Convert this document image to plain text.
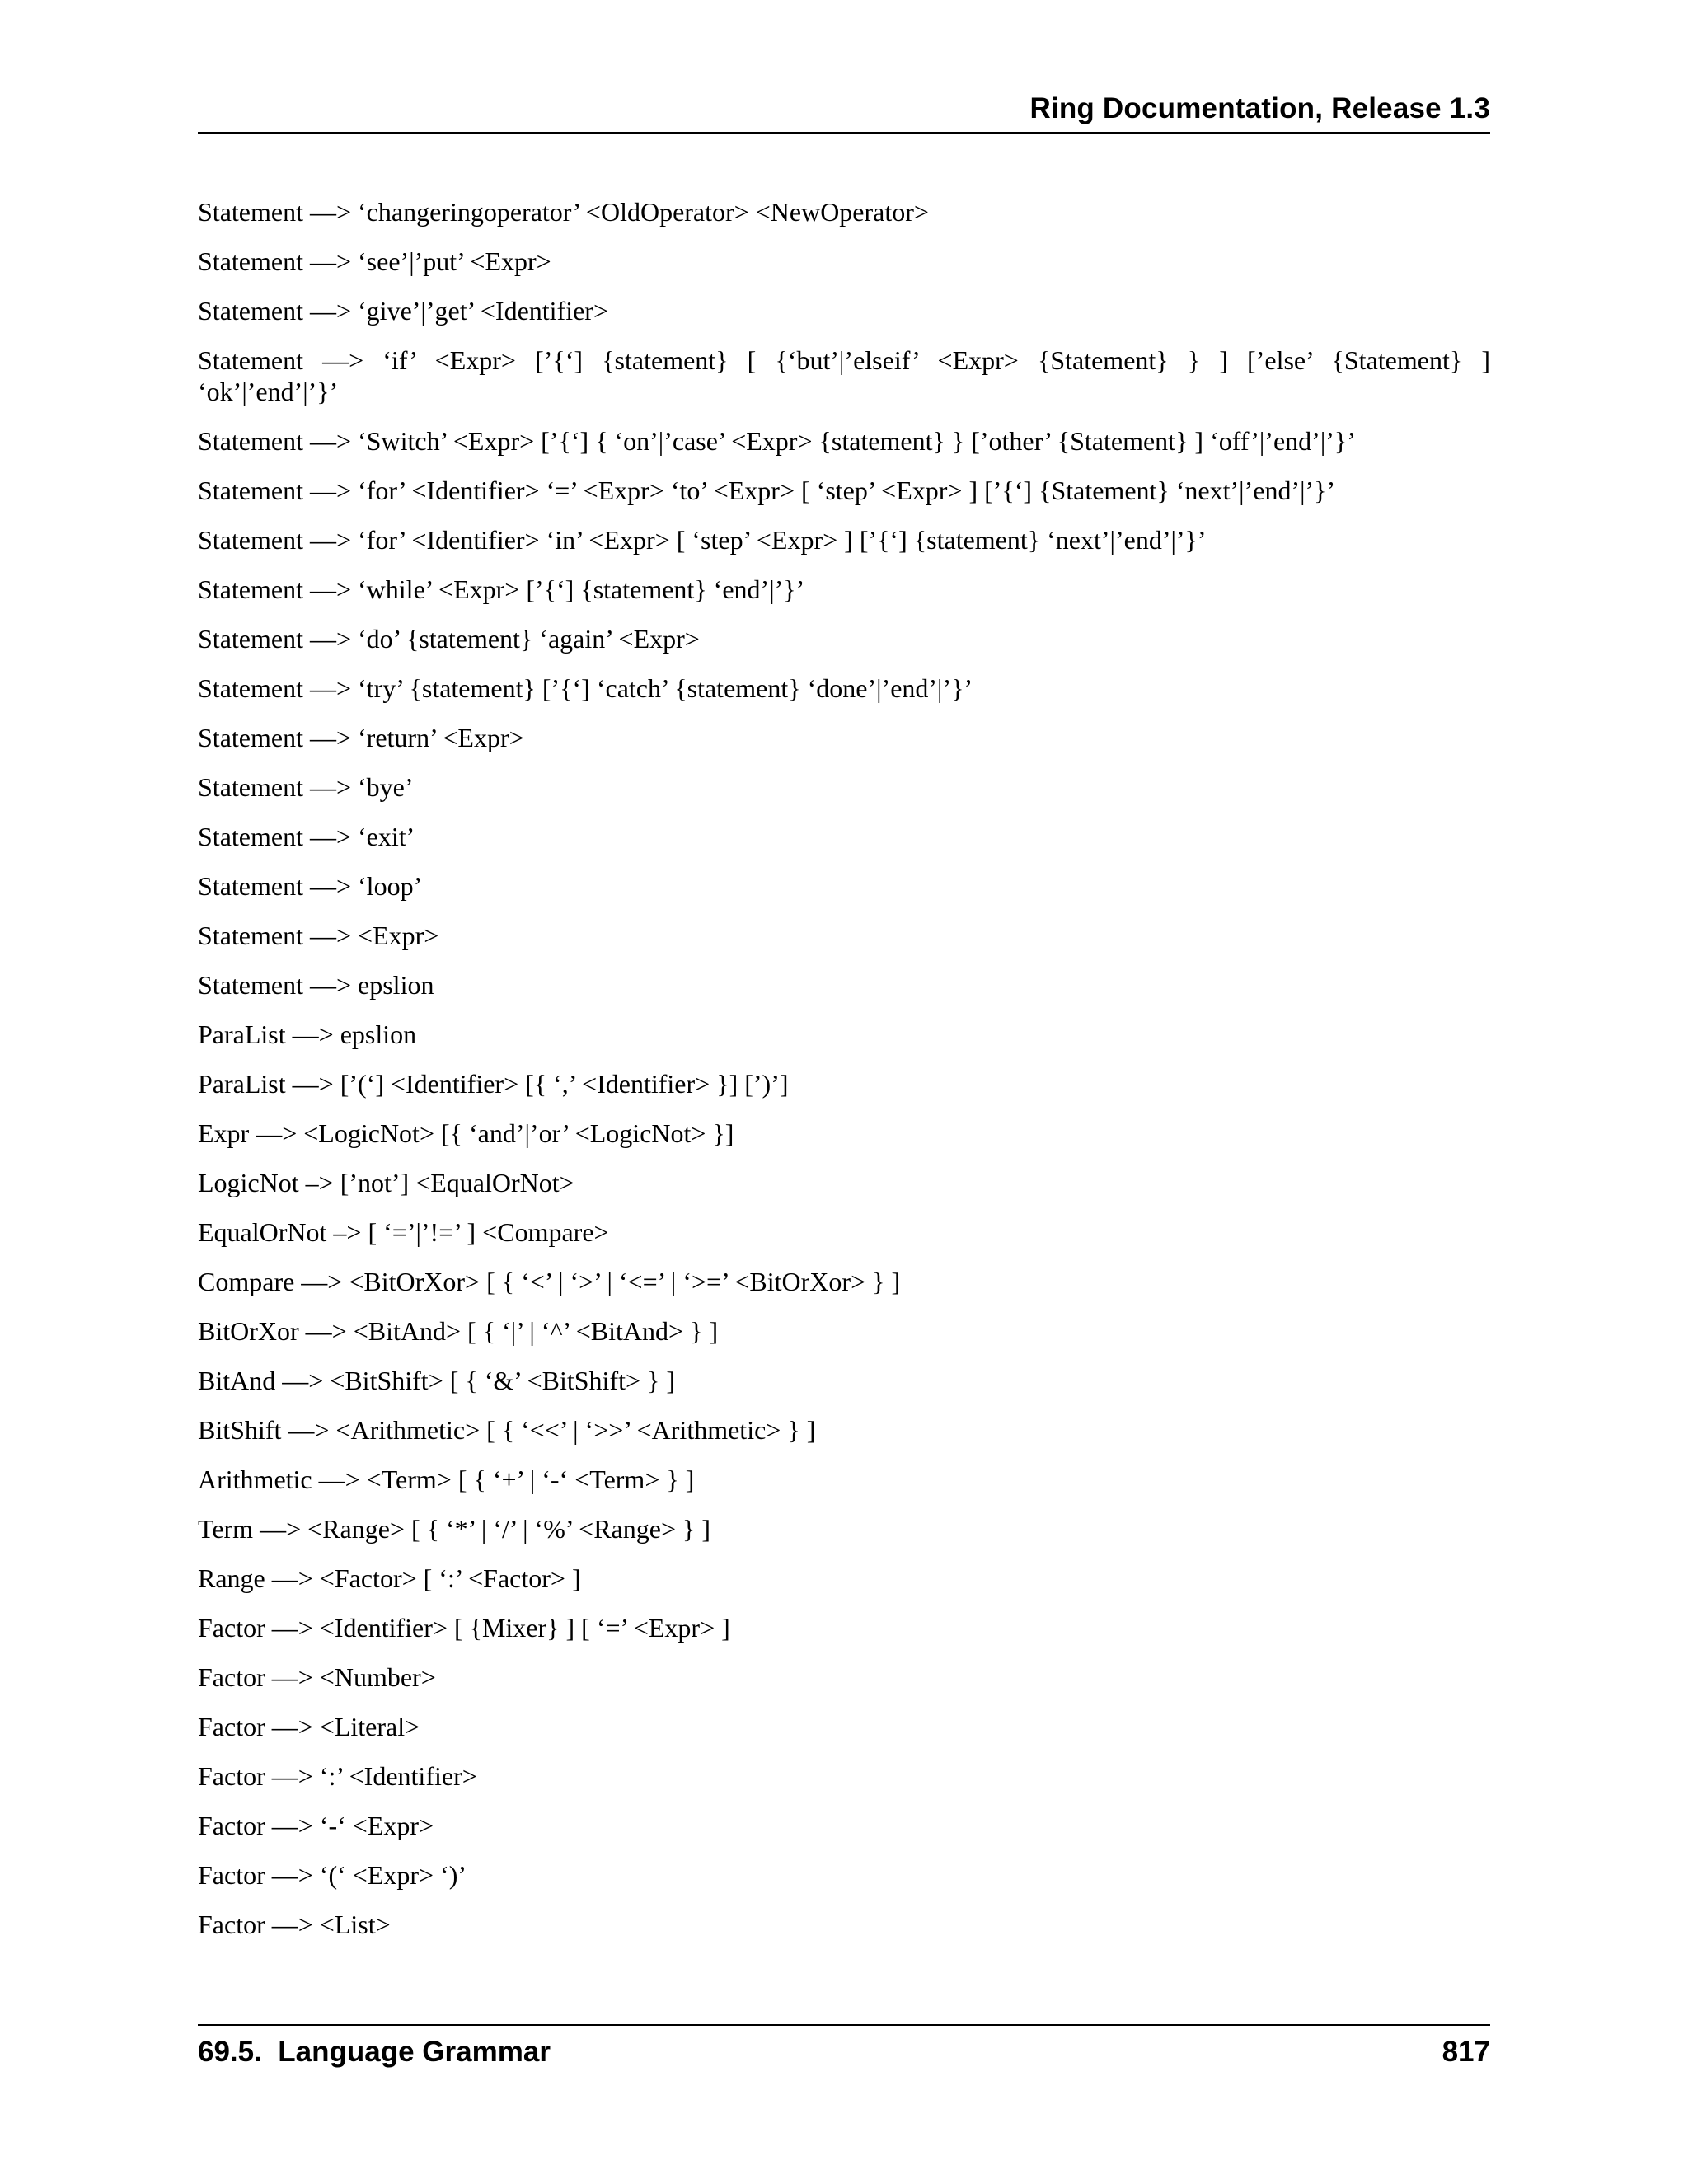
Ring Documentation, Release 1.3

Statement —> ‘changeringoperator’ <OldOperator> <NewOperator>

Statement —> ‘see’|’put’ <Expr>

Statement —> ‘give’|’get’ <Identifier>

Statement —> ‘if’ <Expr> [’{‘] {statement} [ {‘but’|’elseif’ <Expr> {Statement} } ] [’else’ {Statement} ] ‘ok’|’end’|’}’

Statement —> ‘Switch’ <Expr> [’{‘] { ‘on’|’case’ <Expr> {statement} } [’other’ {Statement} ] ‘off’|’end’|’}’

Statement —> ‘for’ <Identifier> ‘=’ <Expr> ‘to’ <Expr> [ ‘step’ <Expr> ] [’{‘] {Statement} ‘next’|’end’|’}’

Statement —> ‘for’ <Identifier> ‘in’ <Expr> [ ‘step’ <Expr> ] [’{‘] {statement} ‘next’|’end’|’}’

Statement —> ‘while’ <Expr> [’{‘] {statement} ‘end’|’}’

Statement —> ‘do’ {statement} ‘again’ <Expr>

Statement —> ‘try’ {statement} [’{‘] ‘catch’ {statement} ‘done’|’end’|’}’

Statement —> ‘return’ <Expr>

Statement —> ‘bye’

Statement —> ‘exit’

Statement —> ‘loop’

Statement —> <Expr>

Statement —> epslion

ParaList —> epslion

ParaList —> [’(‘] <Identifier> [{ ‘,’ <Identifier> }] [’)’]

Expr —> <LogicNot> [{ ‘and’|’or’ <LogicNot> }]

LogicNot –> [’not’] <EqualOrNot>

EqualOrNot –> [ ‘=’|’!=’ ] <Compare>

Compare —> <BitOrXor> [ { ‘<’ | ‘>’ | ‘<=’ | ‘>=’ <BitOrXor> } ]

BitOrXor —> <BitAnd> [ { ‘|’ | ‘^’ <BitAnd> } ]

BitAnd —> <BitShift> [ { ‘&’ <BitShift> } ]

BitShift —> <Arithmetic> [ { ‘<<’ | ‘>>’ <Arithmetic> } ]

Arithmetic —> <Term> [ { ‘+’ | ‘-‘ <Term> } ]

Term —> <Range> [ { ‘*’ | ‘/’ | ‘%’ <Range> } ]

Range —> <Factor> [ ‘:’ <Factor> ]

Factor —> <Identifier> [ {Mixer} ] [ ‘=’ <Expr> ]

Factor —> <Number>

Factor —> <Literal>

Factor —> ‘:’ <Identifier>

Factor —> ‘-‘ <Expr>

Factor —> ‘(‘ <Expr> ‘)’

Factor —> <List>

69.5.  Language Grammar	817
